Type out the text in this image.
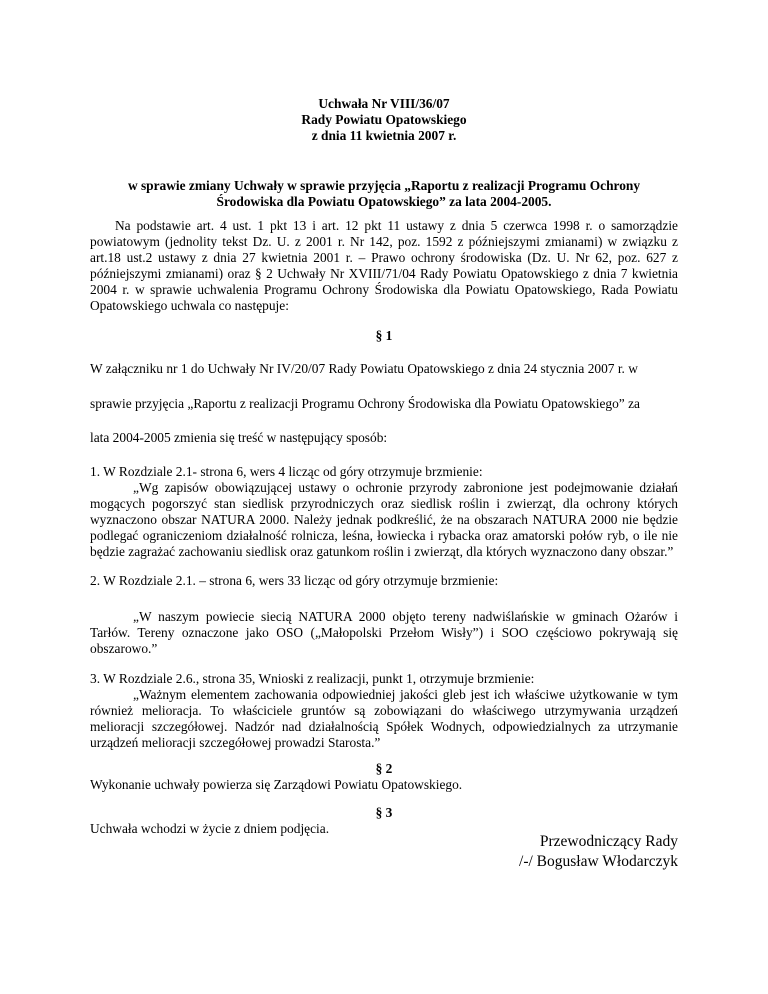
Uchwała Nr VIII/36/07
Rady Powiatu Opatowskiego
z dnia 11 kwietnia 2007 r.
w sprawie zmiany Uchwały w sprawie przyjęcia „Raportu z realizacji Programu Ochrony
Środowiska dla Powiatu Opatowskiego” za lata 2004-2005.
Na podstawie art. 4 ust. 1 pkt 13 i art. 12 pkt 11 ustawy z dnia 5 czerwca 1998 r. o samorządzie powiatowym (jednolity tekst Dz. U. z 2001 r. Nr 142, poz. 1592 z późniejszymi zmianami) w związku z art.18 ust.2 ustawy z dnia 27 kwietnia 2001 r. – Prawo ochrony środowiska (Dz. U. Nr 62, poz. 627 z późniejszymi zmianami) oraz § 2 Uchwały Nr XVIII/71/04 Rady Powiatu Opatowskiego z dnia 7 kwietnia 2004 r. w sprawie uchwalenia Programu Ochrony Środowiska dla Powiatu Opatowskiego, Rada Powiatu Opatowskiego uchwala co następuje:
§ 1
W załączniku nr 1 do Uchwały Nr IV/20/07 Rady Powiatu Opatowskiego z dnia 24 stycznia 2007 r. w
sprawie przyjęcia „Raportu z realizacji Programu Ochrony Środowiska dla Powiatu Opatowskiego” za
lata 2004-2005 zmienia się treść w następujący sposób:
1. W Rozdziale 2.1- strona 6, wers 4 licząc od góry otrzymuje brzmienie:
„Wg zapisów obowiązującej ustawy o ochronie przyrody zabronione jest podejmowanie działań mogących pogorszyć stan siedlisk przyrodniczych oraz siedlisk roślin i zwierząt, dla ochrony których wyznaczono obszar NATURA 2000. Należy jednak podkreślić, że na obszarach NATURA 2000 nie będzie podlegać ograniczeniom działalność rolnicza, leśna, łowiecka i rybacka oraz amatorski połów ryb, o ile nie będzie zagrażać zachowaniu siedlisk oraz gatunkom roślin i zwierząt, dla których wyznaczono dany obszar.”
2. W Rozdziale 2.1. – strona 6, wers 33 licząc od góry otrzymuje brzmienie:
„W naszym powiecie siecią NATURA 2000 objęto tereny nadwiślańskie w gminach Ożarów i Tarłów. Tereny oznaczone jako OSO („Małopolski Przełom Wisły”) i SOO częściowo pokrywają się obszarowo.”
3. W Rozdziale 2.6., strona 35, Wnioski z realizacji, punkt 1, otrzymuje brzmienie:
„Ważnym elementem zachowania odpowiedniej jakości gleb jest ich właściwe użytkowanie w tym również melioracja. To właściciele gruntów są zobowiązani do właściwego utrzymywania urządzeń melioracji szczegółowej. Nadzór nad działalnością Spółek Wodnych, odpowiedzialnych za utrzymanie urządzeń melioracji szczegółowej prowadzi Starosta.”
§ 2
Wykonanie uchwały powierza się Zarządowi Powiatu Opatowskiego.
§ 3
Uchwała wchodzi w życie z dniem podjęcia.
Przewodniczący Rady
/-/ Bogusław Włodarczyk
